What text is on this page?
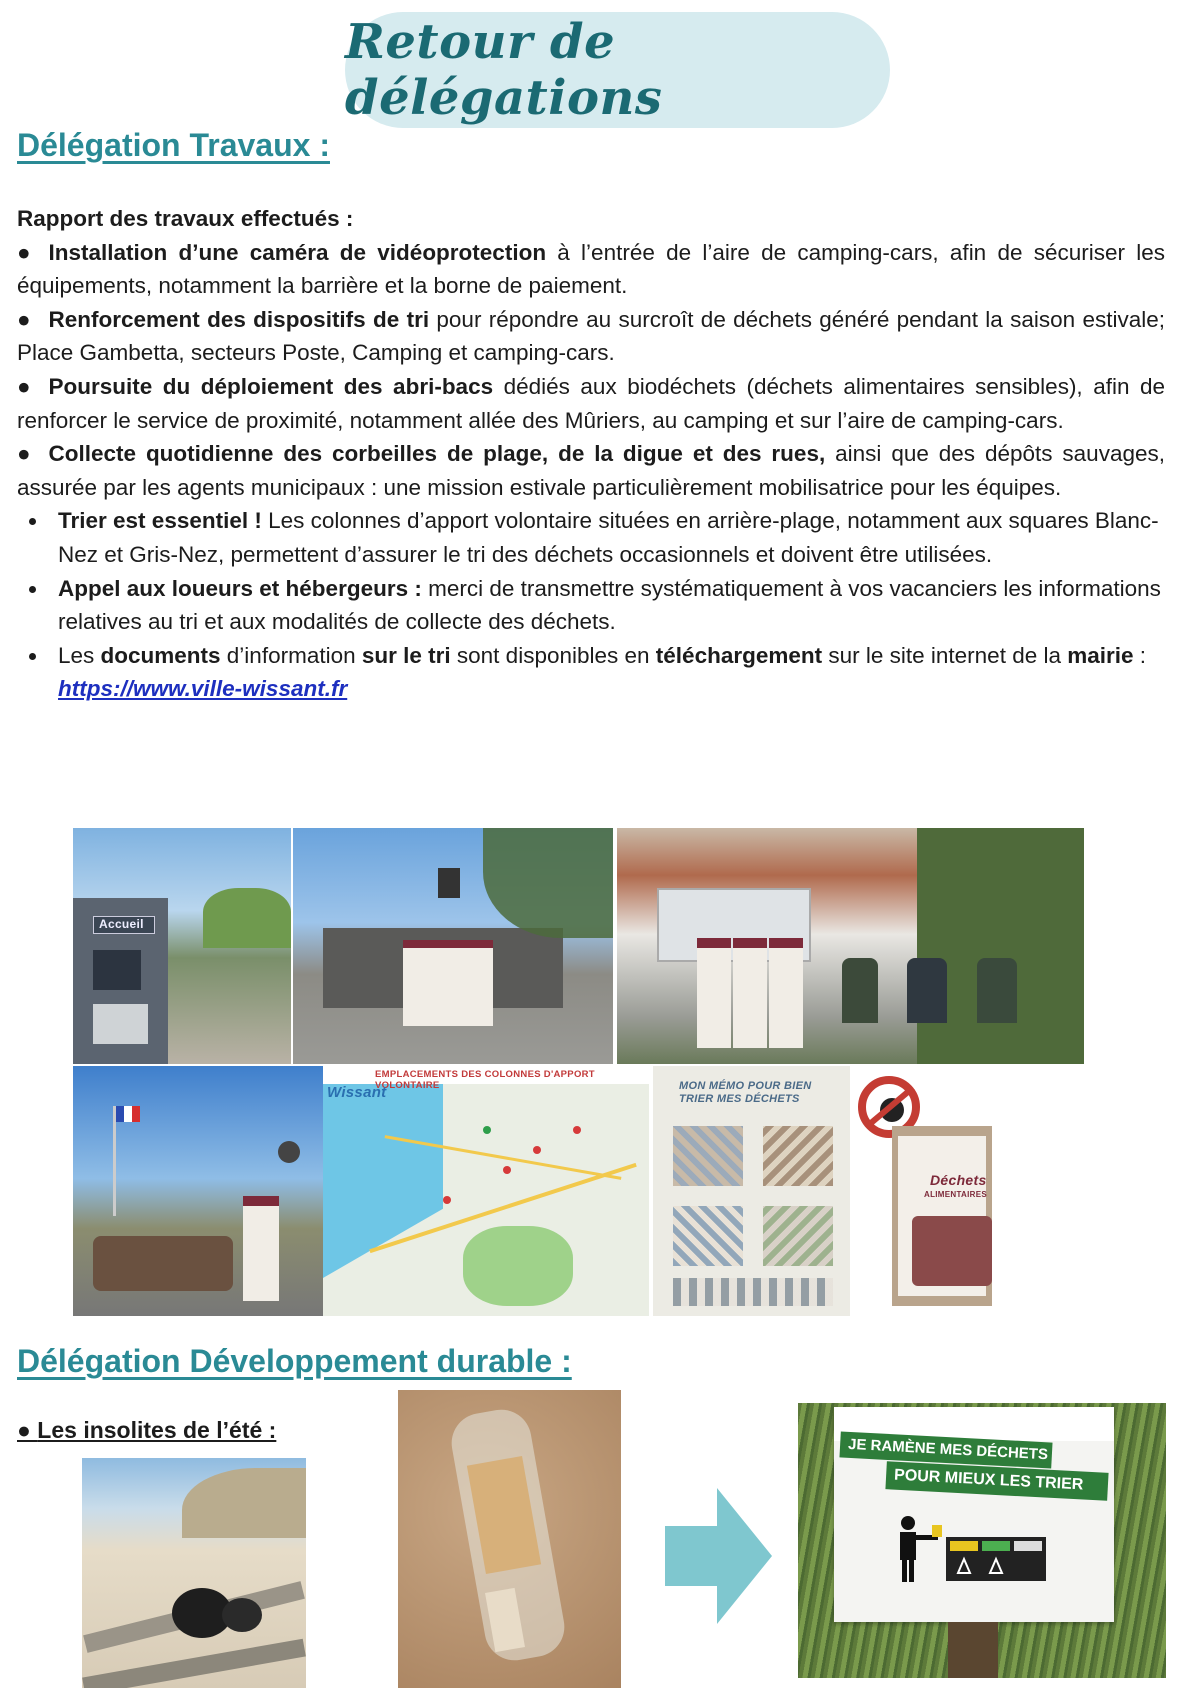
Retour de délégations
Délégation Travaux :

Rapport des travaux effectués :

● Installation d’une caméra de vidéoprotection à l’entrée de l’aire de camping-cars, afin de sécuriser les équipements, notamment la barrière et la borne de paiement.

● Renforcement des dispositifs de tri pour répondre au surcroît de déchets généré pendant la saison estivale; Place Gambetta, secteurs Poste, Camping et camping-cars.

● Poursuite du déploiement des abri-bacs dédiés aux biodéchets (déchets alimentaires sensibles), afin de renforcer le service de proximité, notamment allée des Mûriers, au camping et sur l’aire de camping-cars.

● Collecte quotidienne des corbeilles de plage, de la digue et des rues, ainsi que des dépôts sauvages, assurée par les agents municipaux : une mission estivale particulièrement mobilisatrice pour les équipes.

Trier est essentiel ! Les colonnes d’apport volontaire situées en arrière-plage, notamment aux squares Blanc-Nez et Gris-Nez, permettent d’assurer le tri des déchets occasionnels et doivent être utilisées.
Appel aux loueurs et hébergeurs : merci de transmettre systématiquement à vos vacanciers les informations relatives au tri et aux modalités de collecte des déchets.
Les documents d’information sur le tri sont disponibles en téléchargement sur le site internet de la mairie : https://www.ville-wissant.fr
Accueil
EMPLACEMENTS DES COLONNES D'APPORT VOLONTAIRE
Wissant	MON MÉMO POUR BIEN TRIER MES DÉCHETS
Déchets
ALIMENTAIRES
Délégation Développement durable :

● Les insolites de l’été :

JE RAMÈNE MES DÉCHETS
POUR MIEUX LES TRIER
